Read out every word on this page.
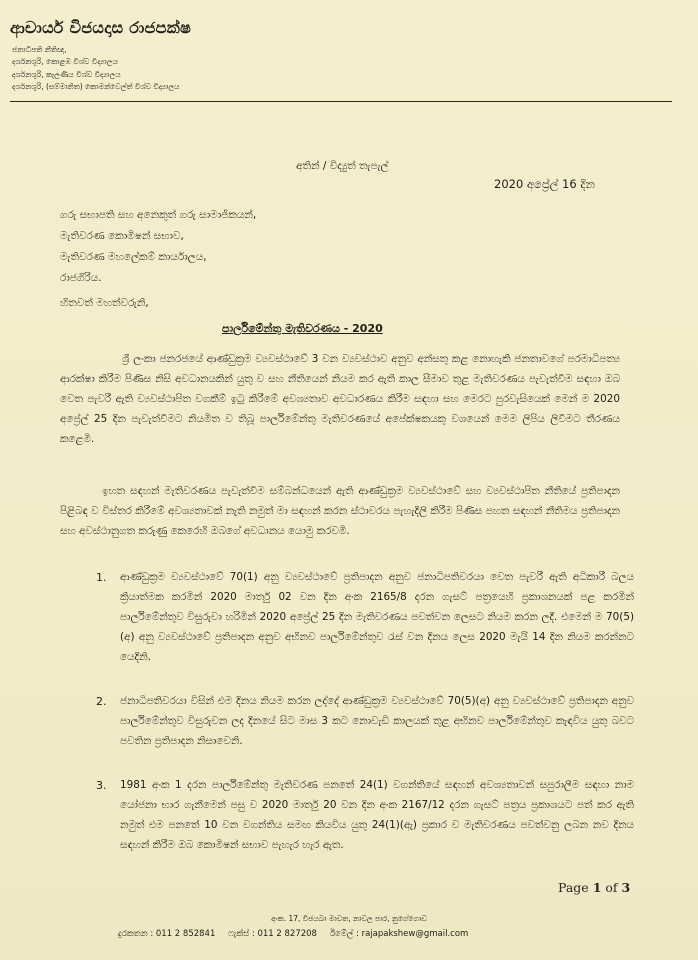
ආචාර්ය විජයදාස රාජපක්ෂ
ජනාධිපති නීතිඥ,
දර්ශනශූරි, කොළඹ විශ්ව විද්‍යාලය
දර්ශනශූරි, කැලණිය විශ්ව විද්‍යාලය
දර්ශනශූරි, (සම්මානිත) කොමන්වෙල්ත් විශ්ව විද්‍යාලය
අතින් / විද්‍යුත් තැපැල්
2020 අප්‍රේල් 16 දින
ගරු සභාපති සහ අනෙකුත් ගරු සාමාජිකයන්,
මැතිවරණ කොමිෂන් සභාව,
මැතිවරණ මහලේකම් කාර්යාලය,
රාජගිරිය.
හිතවත් මහත්වරුනි,
පාර්ලිමේන්තු මැතිවරණය - 2020

ශ්‍රී ලංකා ජනරජයේ ආණ්ඩුක්‍රම ව්‍යවස්ථාවේ 3 වන ව්‍යවස්ථාව අනුව අන්සතු කළ නොහැකි ජනතාවගේ පරමාධිපත්‍ය ආරක්ෂා කිරීම පිණිස නිසි අවධානයකින් යුතු ව සහ නීතියෙන් නියම කර ඇති කාල සීමාව තුළ මැතිවරණය පැවැත්වීම සඳහා ඔබ වෙත පැවරී ඇති ව්‍යවස්ථාපිත වගකීම් ඉටු කිරීමේ අවශ්‍යතාව අවධාරණය කිරීම සඳහා සහ මෙරට පුරවැසියෙක් මෙන් ම 2020 අප්‍රේල් 25 දින පැවැත්වීමට නියමිත ව තිබූ පාර්ලිමේන්තු මැතිවරණයේ අපේක්ෂකයකු වශයෙන් මෙම ලිපිය ලිවීමට තීරණය කළෙමි.

ඉහත සඳහන් මැතිවරණය පැවැත්වීම සම්බන්ධයෙන් ඇති ආණ්ඩුක්‍රම ව්‍යවස්ථාවේ සහ ව්‍යවස්ථාපිත නීතියේ ප්‍රතිපාදන පිළිබඳ ව විස්තර කිරීමේ අවශ්‍යතාවක් නැති නමුත් මා සඳහන් කරන ස්ථාවරය පැහැදිලි කිරීම පිණිස පහත සඳහන් නීතිමය ප්‍රතිපාදන සහ අවස්ථානුගත කරුණු කෙරෙහි ඔබගේ අවධානය යොමු කරවමි.

1. ආණ්ඩුක්‍රම ව්‍යවස්ථාවේ 70(1) අනු ව්‍යවස්ථාවේ ප්‍රතිපාදන අනුව ජනාධිපතිවරයා වෙත පැවරී ඇති අධිකාරී බලය ක්‍රියාත්මක කරමින් 2020 මාර්තු 02 වන දින අංක 2165/8 දරන ගැසට් පත්‍රයෙහි ප්‍රකාශනයක් පළ කරමින් පාර්ලිමේන්තුව විසුරුවා හරිමින් 2020 අප්‍රේල් 25 දින මැතිවරණය පවත්වන ලෙසට නියම කරන ලදී. එමෙන් ම 70(5)(අ) අනු ව්‍යවස්ථාවේ ප්‍රතිපාදන අනුව අභිනව පාර්ලිමේන්තුව රැස් වන දිනය ලෙස 2020 මැයි 14 දින නියම කරන්නට යෙදිනි.

2. ජනාධිපතිවරයා විසින් එම දිනය නියම කරන ලද්දේ ආණ්ඩුක්‍රම ව්‍යවස්ථාවේ 70(5)(අ) අනු ව්‍යවස්ථාවේ ප්‍රතිපාදන අනුව පාර්ලිමේන්තුව විසුරුවන ලද දිනයේ සිට මාස 3 කට නොවැඩි කාලයක් තුළ අභිනව පාර්ලිමේන්තුව කැඳවිය යුතු බවට පවතින ප්‍රතිපාදන නිසාවෙනි.

3. 1981 අංක 1 දරන පාර්ලිමේන්තු මැතිවරණ පනතේ 24(1) වගන්තියේ සඳහන් අවශ්‍යතාවන් සපුරාලීම සඳහා නාම යෝජනා භාර ගැනීමෙන් පසු ව 2020 මාර්තු 20 වන දින අංක 2167/12 දරන ගැසට් පත්‍රය ප්‍රකාශයට පත් කර ඇති නමුත් එම පනතේ 10 වන වගන්තිය සමඟ කියවිය යුතු 24(1)(ඇ) ප්‍රකාර ව මැතිවරණය පවත්වනු ලබන නව දිනය සඳහන් කිරීම ඔබ කොමිෂන් සභාව පැහැර හැර ඇත.

Page 1 of 3
අංක. 17, විජයබා මාවත, නාවල පාර, නුගේගොඩ
දුරකතන : 011 2 852841 ෆැක්ස් : 011 2 827208 ඊමේල් : rajapakshew@gmail.com
